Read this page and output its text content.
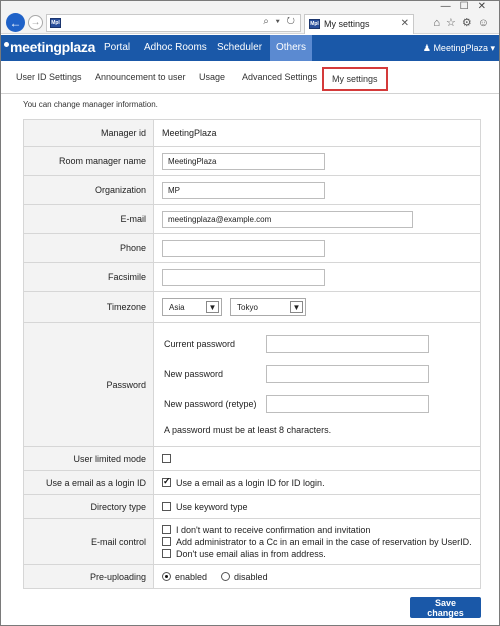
← →	Mpl	⌕ ▾ ↻	Mpl My settings	✕
—☐✕
⌂☆⚙☺
meetingplaza Portal	Adhoc Rooms	Scheduler	Others	♟ MeetingPlaza ▾
User ID Settings Announcement to user Usage Advanced Settings	My settings
You can change manager information.
Manager id	MeetingPlaza
Room manager name	MeetingPlaza
Organization	MP
E-mail	meetingplaza@example.com
Phone
Facsimile
Timezone	Asia	▼	Tokyo	▼
Password
Current password
New password
New password (retype)
A password must be at least 8 characters.
User limited mode
Use a email as a login ID
✓	Use a email as a login ID for ID login.
Directory type	Use keyword type
E-mail control
I don't want to receive confirmation and invitation
Add administrator to a Cc in an email in the case of reservation by UserID.
Don't use email alias in from address.
Pre-uploading	enabled	disabled
Save changes
